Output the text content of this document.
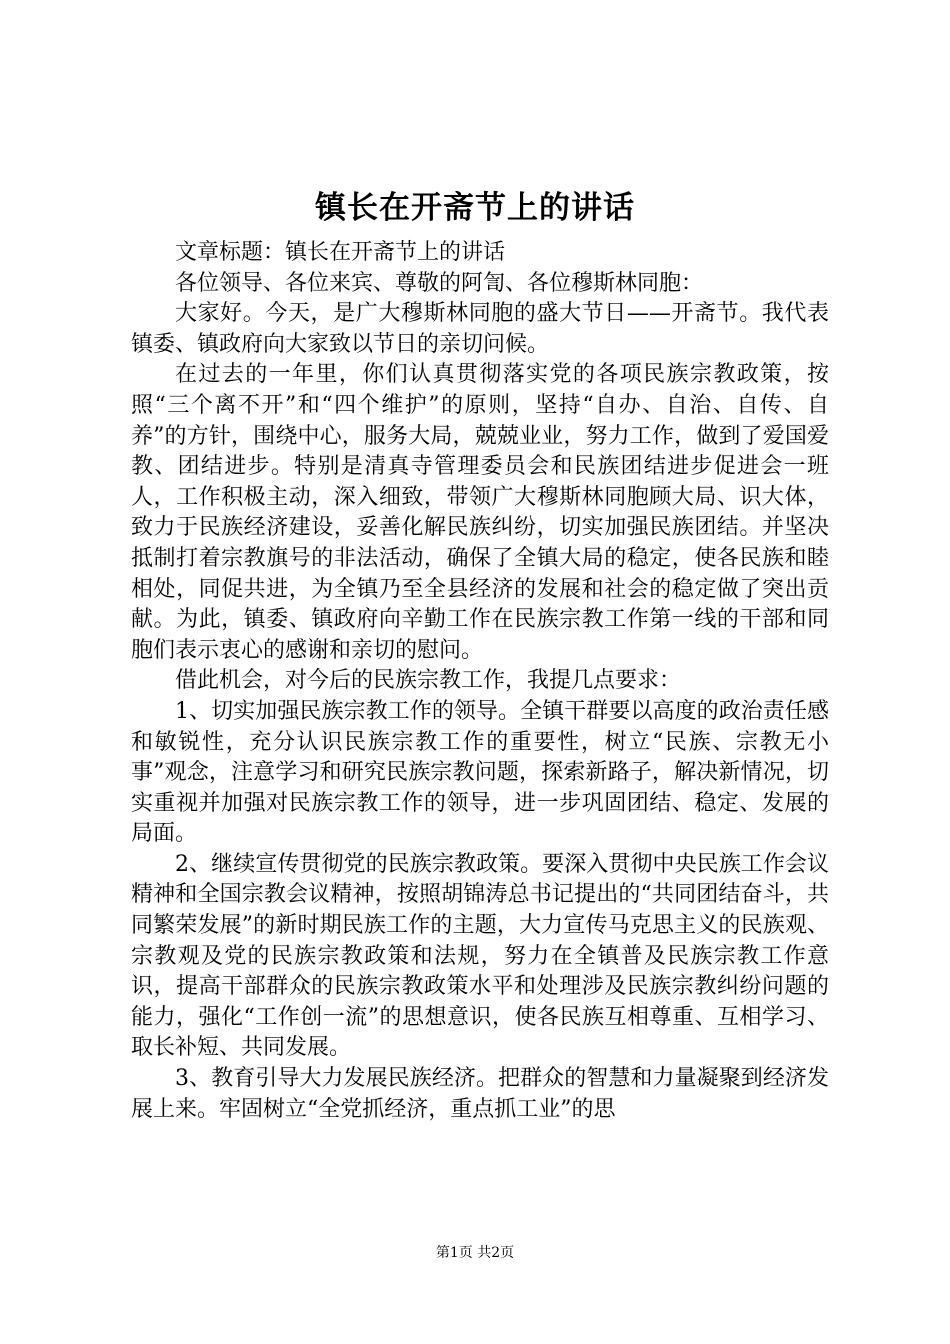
镇长在开斋节上的讲话

文章标题：镇长在开斋节上的讲话

各位领导、各位来宾、尊敬的阿訇、各位穆斯林同胞：

大家好。今天，是广大穆斯林同胞的盛大节日——开斋节。我代表镇委、镇政府向大家致以节日的亲切问候。

在过去的一年里，你们认真贯彻落实党的各项民族宗教政策，按照“三个离不开”和“四个维护”的原则，坚持“自办、自治、自传、自养”的方针，围绕中心，服务大局，兢兢业业，努力工作，做到了爱国爱教、团结进步。特别是清真寺管理委员会和民族团结进步促进会一班人，工作积极主动，深入细致，带领广大穆斯林同胞顾大局、识大体，致力于民族经济建设，妥善化解民族纠纷，切实加强民族团结。并坚决抵制打着宗教旗号的非法活动，确保了全镇大局的稳定，使各民族和睦相处，同促共进，为全镇乃至全县经济的发展和社会的稳定做了突出贡献。为此，镇委、镇政府向辛勤工作在民族宗教工作第一线的干部和同胞们表示衷心的感谢和亲切的慰问。

借此机会，对今后的民族宗教工作，我提几点要求：

1、切实加强民族宗教工作的领导。全镇干群要以高度的政治责任感和敏锐性，充分认识民族宗教工作的重要性，树立“民族、宗教无小事”观念，注意学习和研究民族宗教问题，探索新路子，解决新情况，切实重视并加强对民族宗教工作的领导，进一步巩固团结、稳定、发展的局面。

2、继续宣传贯彻党的民族宗教政策。要深入贯彻中央民族工作会议精神和全国宗教会议精神，按照胡锦涛总书记提出的“共同团结奋斗，共同繁荣发展”的新时期民族工作的主题，大力宣传马克思主义的民族观、宗教观及党的民族宗教政策和法规，努力在全镇普及民族宗教工作意识，提高干部群众的民族宗教政策水平和处理涉及民族宗教纠纷问题的能力，强化“工作创一流”的思想意识，使各民族互相尊重、互相学习、取长补短、共同发展。

3、教育引导大力发展民族经济。把群众的智慧和力量凝聚到经济发展上来。牢固树立“全党抓经济，重点抓工业”的思

第1页 共2页
